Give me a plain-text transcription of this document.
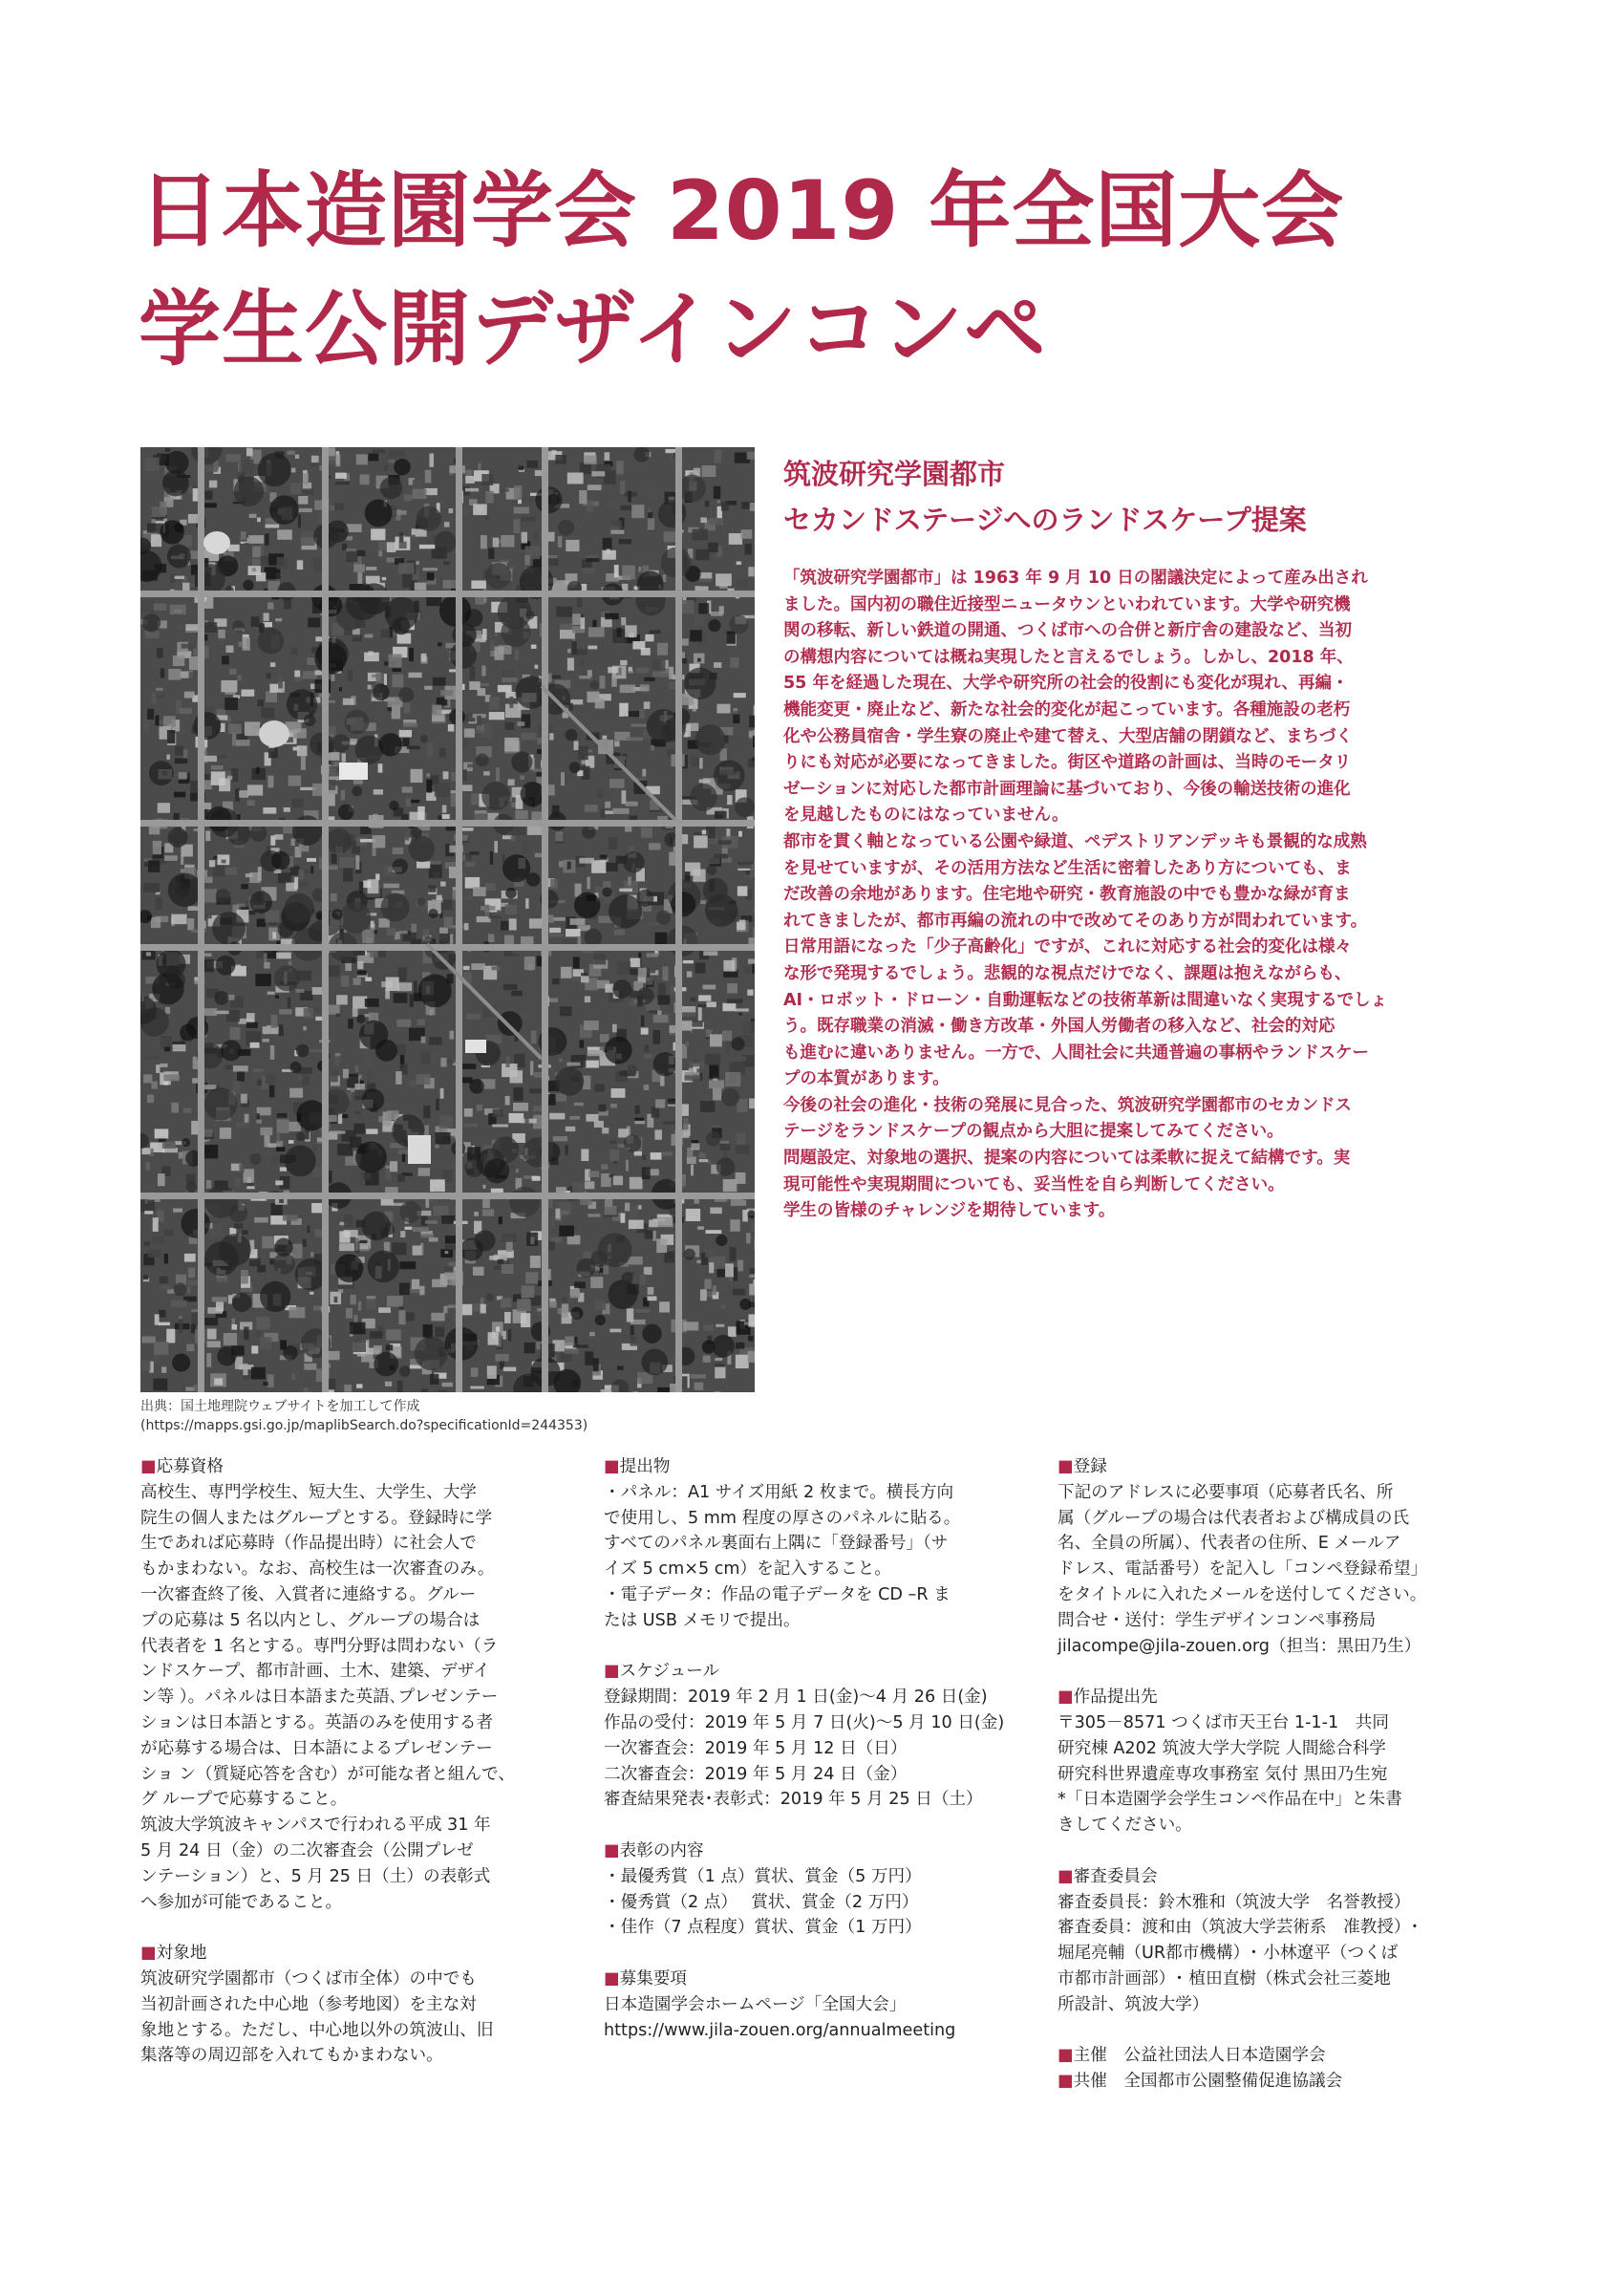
日本造園学会 2019 年全国大会
学生公開デザインコンペ
出典：国土地理院ウェブサイトを加工して作成
(https://mapps.gsi.go.jp/maplibSearch.do?specificationId=244353)
筑波研究学園都市
セカンドステージへのランドスケープ提案

「筑波研究学園都市」は 1963 年 9 月 10 日の閣議決定によって産み出され

ました。国内初の職住近接型ニュータウンといわれています。大学や研究機

関の移転、新しい鉄道の開通、つくば市への合併と新庁舎の建設など、当初

の構想内容については概ね実現したと言えるでしょう。しかし、2018 年、

55 年を経過した現在、大学や研究所の社会的役割にも変化が現れ、再編・

機能変更・廃止など、新たな社会的変化が起こっています。各種施設の老朽

化や公務員宿舎・学生寮の廃止や建て替え、大型店舗の閉鎖など、まちづく

りにも対応が必要になってきました。街区や道路の計画は、当時のモータリ

ゼーションに対応した都市計画理論に基づいており、今後の輸送技術の進化

を見越したものにはなっていません。

都市を貫く軸となっている公園や緑道、ペデストリアンデッキも景観的な成熟

を見せていますが、その活用方法など生活に密着したあり方についても、ま

だ改善の余地があります。住宅地や研究・教育施設の中でも豊かな緑が育ま

れてきましたが、都市再編の流れの中で改めてそのあり方が問われています。

日常用語になった「少子高齢化」ですが、これに対応する社会的変化は様々

な形で発現するでしょう。悲観的な視点だけでなく、課題は抱えながらも、

AI・ロボット・ドローン・自動運転などの技術革新は間違いなく実現するでしょ

う。既存職業の消滅・働き方改革・外国人労働者の移入など、社会的対応

も進むに違いありません。一方で、人間社会に共通普遍の事柄やランドスケー

プの本質があります。

今後の社会の進化・技術の発展に見合った、筑波研究学園都市のセカンドス

テージをランドスケープの観点から大胆に提案してみてください。

問題設定、対象地の選択、提案の内容については柔軟に捉えて結構です。実

現可能性や実現期間についても、妥当性を自ら判断してください。

学生の皆様のチャレンジを期待しています。

■応募資格

高校生、専門学校生、短大生、大学生、大学

院生の個人またはグループとする。登録時に学

生であれば応募時（作品提出時）に社会人で

もかまわない。なお、高校生は一次審査のみ。

一次審査終了後、入賞者に連絡する。グルー

プの応募は 5 名以内とし、グループの場合は

代表者を 1 名とする。専門分野は問わない（ラ

ンドスケープ、都市計画、土木、建築、デザイ

ン等 ）。パネルは日本語また英語､プレゼンテー

ションは日本語とする。英語のみを使用する者

が応募する場合は、日本語によるプレゼンテー

ショ ン（質疑応答を含む）が可能な者と組んで、

グ ループで応募すること。

筑波大学筑波キャンパスで行われる平成 31 年

5 月 24 日（金）の二次審査会（公開プレゼ

ンテーション）と、5 月 25 日（土）の表彰式

へ参加が可能であること。

■対象地

筑波研究学園都市（つくば市全体）の中でも

当初計画された中心地（参考地図）を主な対

象地とする。ただし、中心地以外の筑波山、旧

集落等の周辺部を入れてもかまわない。

■提出物

・パネル：A1 サイズ用紙 2 枚まで。横長方向

で使用し、5 mm 程度の厚さのパネルに貼る。

すべてのパネル裏面右上隅に「登録番号」（サ

イズ 5 cm×5 cm）を記入すること。

・電子データ：作品の電子データを CD –R ま

たは USB メモリで提出。

■スケジュール

登録期間：2019 年 2 月 1 日(金)～4 月 26 日(金)

作品の受付：2019 年 5 月 7 日(火)～5 月 10 日(金)

一次審査会：2019 年 5 月 12 日（日）

二次審査会：2019 年 5 月 24 日（金）

審査結果発表･表彰式：2019 年 5 月 25 日（土）

■表彰の内容

・最優秀賞（1 点）賞状、賞金（5 万円）

・優秀賞（2 点）　 賞状、賞金（2 万円）

・佳作（7 点程度）賞状、賞金（1 万円）

■募集要項

日本造園学会ホームページ「全国大会」

https://www.jila-zouen.org/annualmeeting

■登録

下記のアドレスに必要事項（応募者氏名、所

属（グループの場合は代表者および構成員の氏

名、全員の所属）、代表者の住所、E メールア

ドレス、電話番号）を記入し「コンペ登録希望」

をタイトルに入れたメールを送付してください。

問合せ・送付：学生デザインコンペ事務局

jilacompe@jila-zouen.org（担当：黒田乃生）

■作品提出先

〒305－8571 つくば市天王台 1-1-1　共同

研究棟 A202 筑波大学大学院 人間総合科学

研究科世界遺産専攻事務室 気付 黒田乃生宛

*「日本造園学会学生コンペ作品在中」と朱書

きしてください。

■審査委員会

審査委員長：鈴木雅和（筑波大学　名誉教授）

審査委員：渡和由（筑波大学芸術系　准教授）･

堀尾亮輔（UR都市機構）･ 小林遼平（つくば

市都市計画部）･ 植田直樹（株式会社三菱地

所設計、筑波大学）

■主催　公益社団法人日本造園学会

■共催　全国都市公園整備促進協議会
